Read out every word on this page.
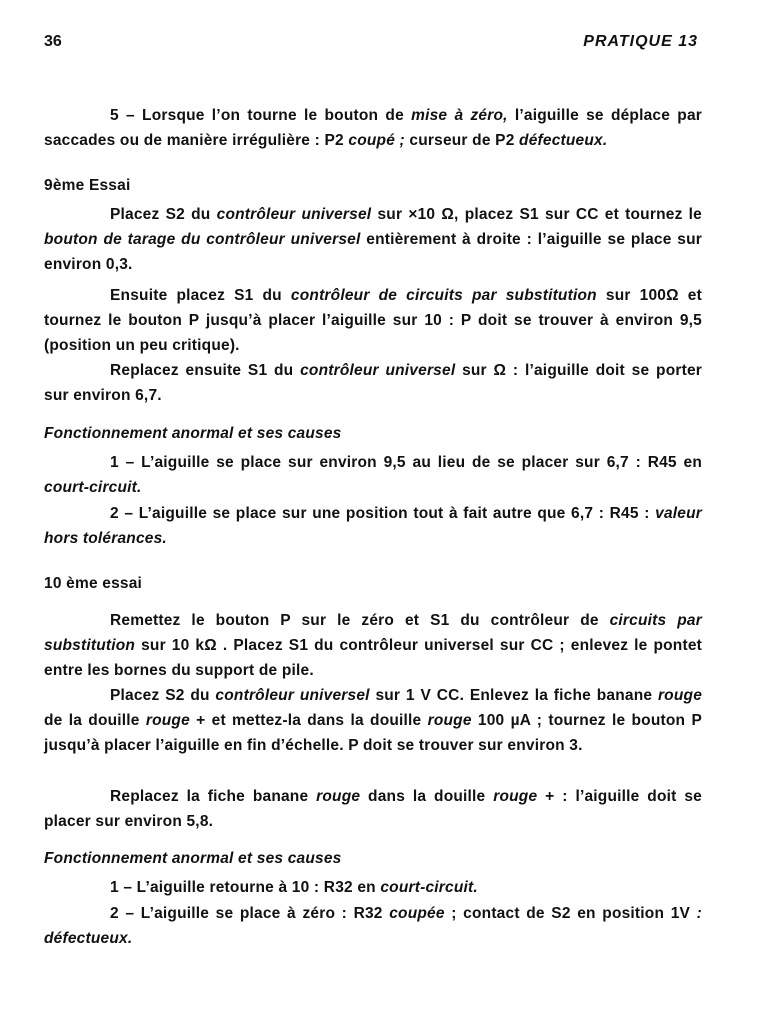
36	PRATIQUE 13

5 – Lorsque l’on tourne le bouton de mise à zéro, l’aiguille se déplace par saccades ou de manière irrégulière : P2 coupé ; curseur de P2 défectueux.

9ème Essai

Placez S2 du contrôleur universel sur ×10 Ω, placez S1 sur CC et tournez le bouton de tarage du contrôleur universel entièrement à droite : l’aiguille se place sur environ 0,3.

Ensuite placez S1 du contrôleur de circuits par substitution sur 100Ω et tournez le bouton P jusqu’à placer l’aiguille sur 10 : P doit se trouver à environ 9,5 (position un peu critique).

Replacez ensuite S1 du contrôleur universel sur Ω : l’aiguille doit se porter sur environ 6,7.

Fonctionnement anormal et ses causes

1 – L’aiguille se place sur environ 9,5 au lieu de se placer sur 6,7 : R45 en court-circuit.

2 – L’aiguille se place sur une position tout à fait autre que 6,7 : R45 : valeur hors tolérances.

10 ème essai

Remettez le bouton P sur le zéro et S1 du contrôleur de circuits par substitution sur 10 kΩ . Placez S1 du contrôleur universel sur CC ; enlevez le pontet entre les bornes du support de pile.

Placez S2 du contrôleur universel sur 1 V CC. Enlevez la fiche banane rouge de la douille rouge + et mettez-la dans la douille rouge 100 µA ; tournez le bouton P jusqu’à placer l’aiguille en fin d’échelle. P doit se trouver sur environ 3.

Replacez la fiche banane rouge dans la douille rouge + : l’aiguille doit se placer sur environ 5,8.

Fonctionnement anormal et ses causes

1 – L’aiguille retourne à 10 : R32 en court-circuit.

2 – L’aiguille se place à zéro : R32 coupée ; contact de S2 en position 1V : défectueux.
